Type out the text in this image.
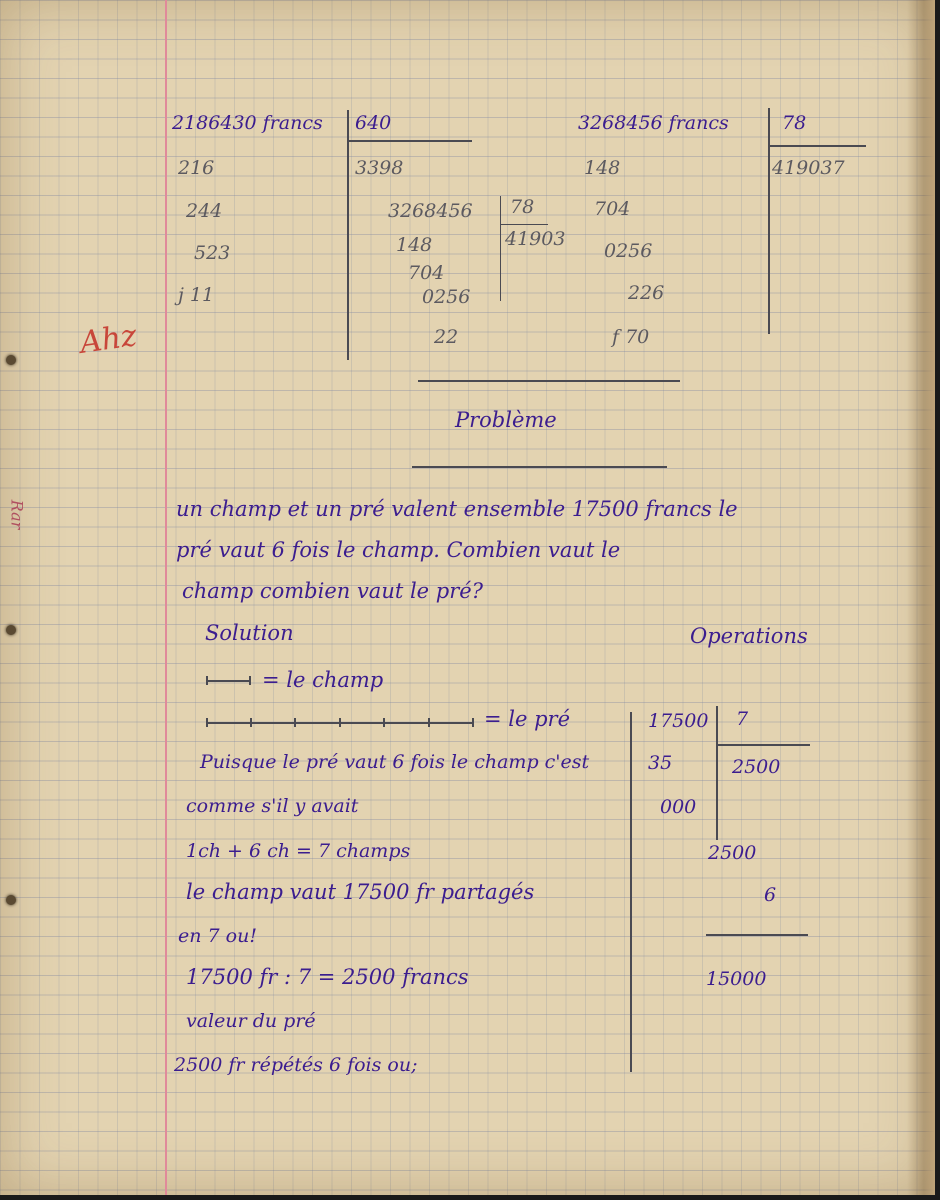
Ahz
Rar
2186430 francs 640
3398
216
244
523
j 11
3268456 78
41903
148
704
0256
22
3268456 francs	78
419037
148
704
0256
226
f 70
Problème
un champ et un pré valent ensemble 17500 francs le
pré vaut 6 fois le champ. Combien vaut le
champ combien vaut le pré?
Solution	Operations
= le champ
= le pré
Puisque le pré vaut 6 fois le champ c'est
comme s'il y avait
1ch + 6 ch = 7 champs
le champ vaut 17500 fr partagés
en 7 ou!
17500 fr : 7 = 2500 francs
valeur du pré
2500 fr répétés 6 fois ou;
17500 7
2500
35
000
2500
6
15000
